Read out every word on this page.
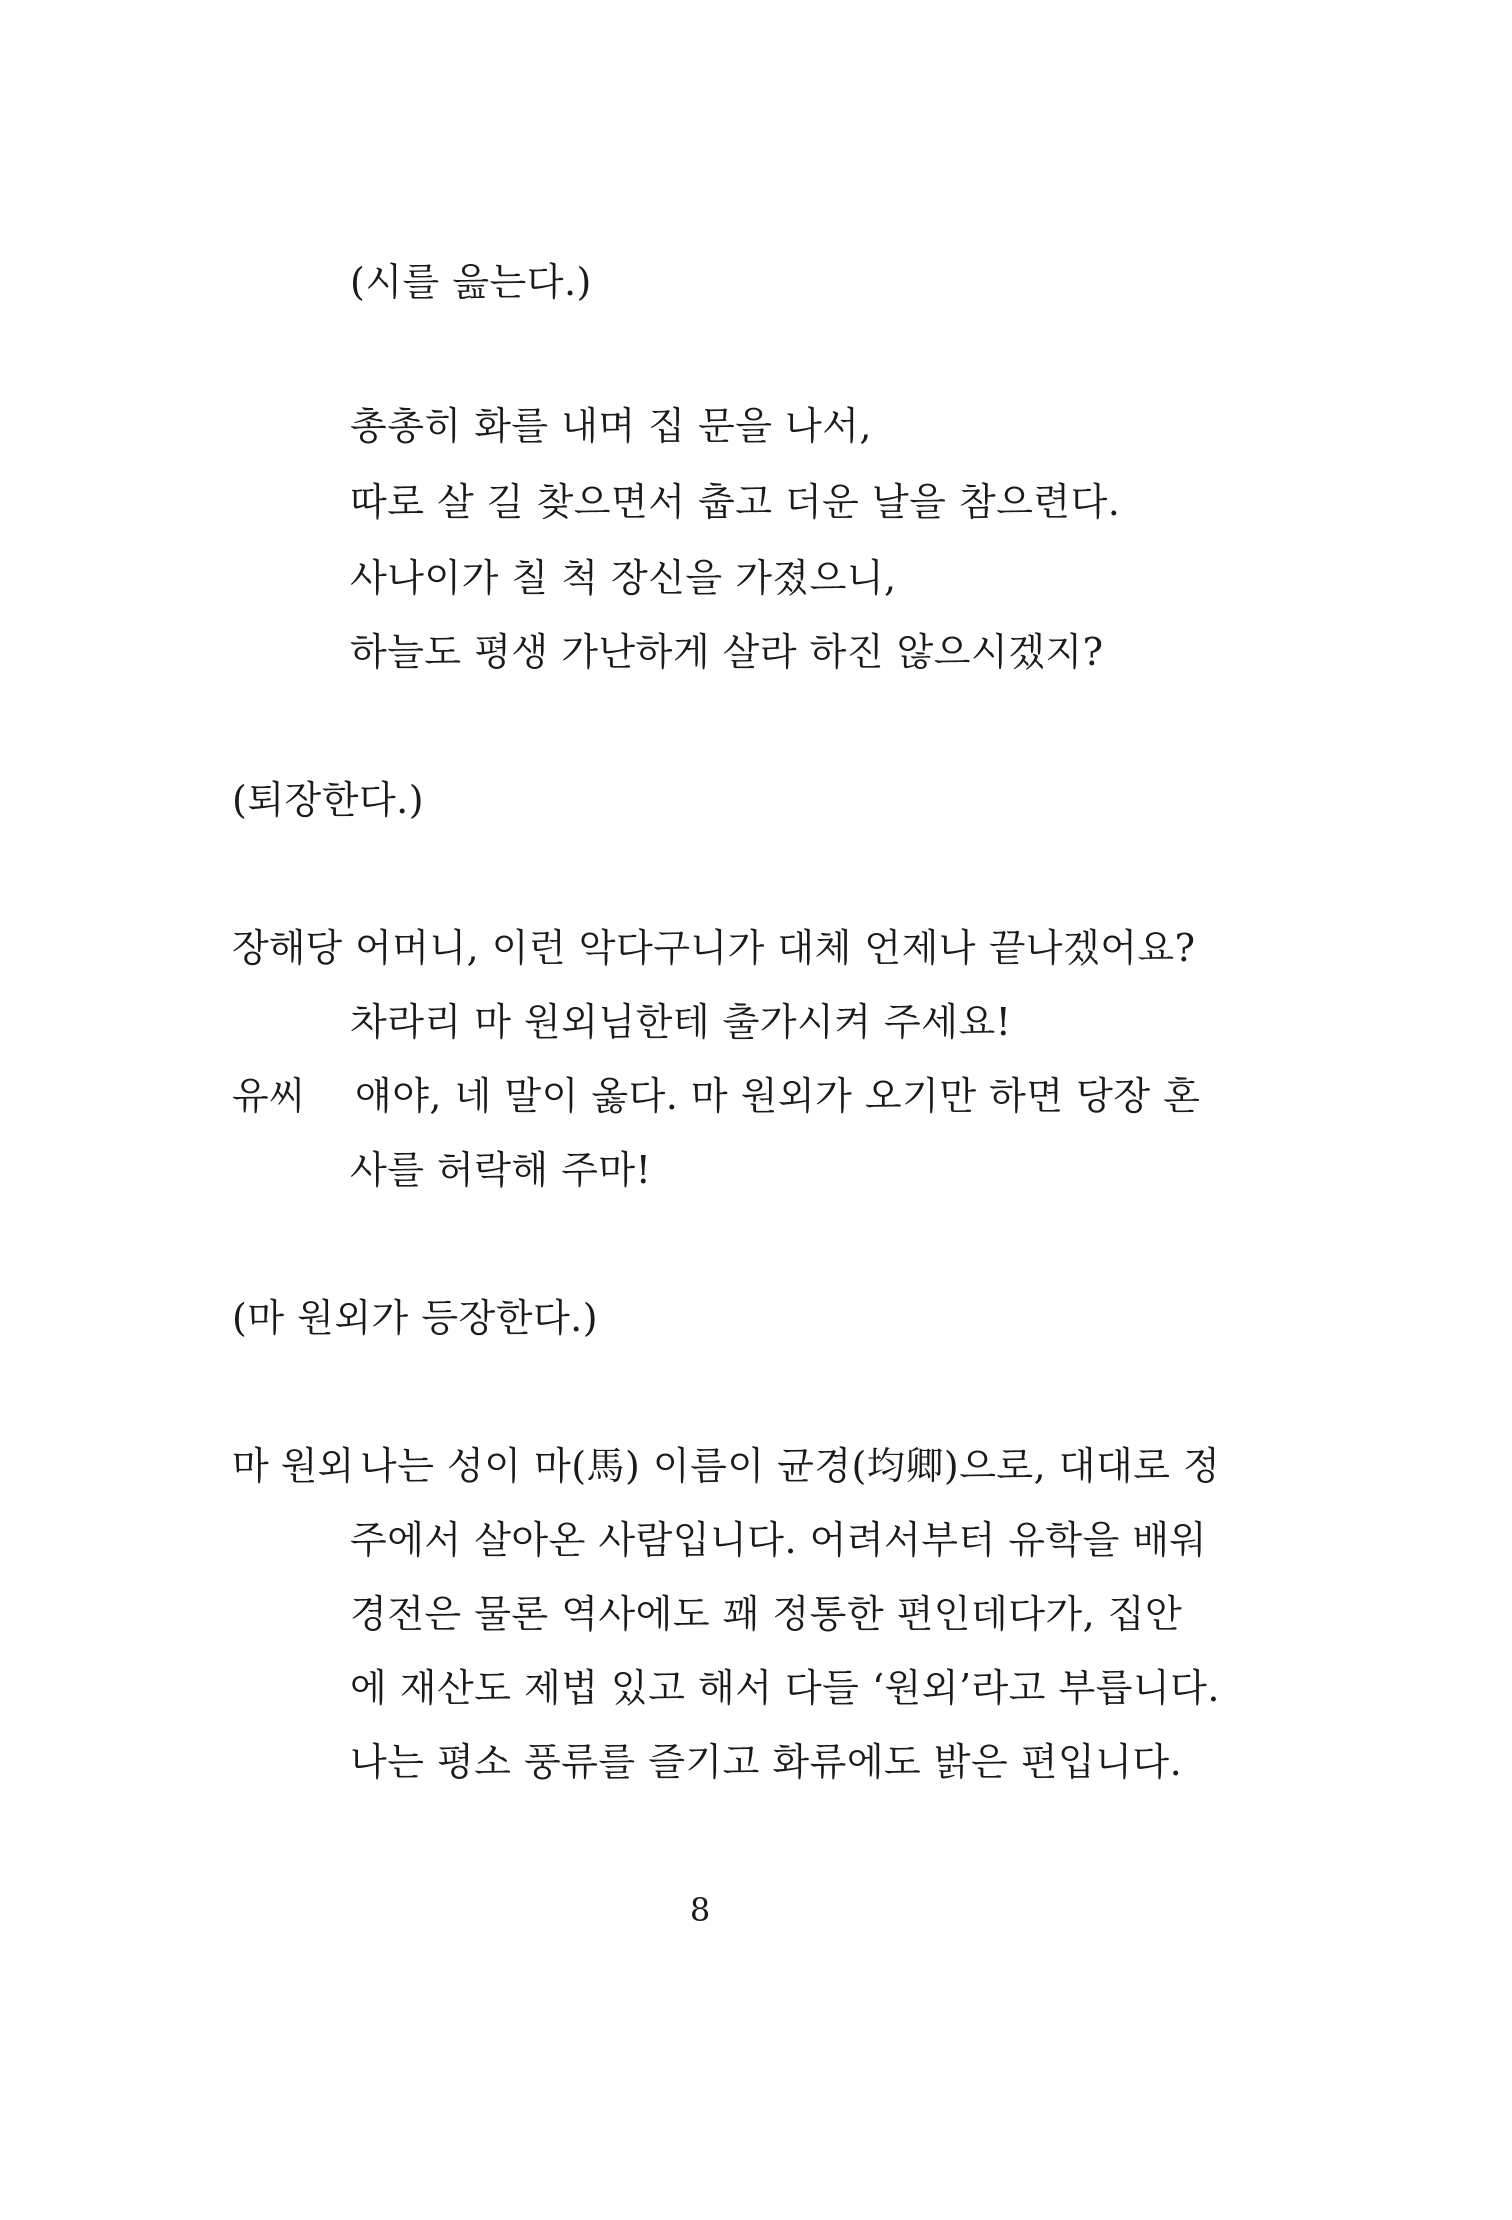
(시를 읊는다.)
총총히 화를 내며 집 문을 나서,
따로 살 길 찾으면서 춥고 더운 날을 참으련다.
사나이가 칠 척 장신을 가졌으니,
하늘도 평생 가난하게 살라 하진 않으시겠지?
(퇴장한다.)
장해당 어머니, 이런 악다구니가 대체 언제나 끝나겠어요?
차라리 마 원외님한테 출가시켜 주세요!
유씨 얘야, 네 말이 옳다. 마 원외가 오기만 하면 당장 혼
사를 허락해 주마!
(마 원외가 등장한다.)
마 원외 나는 성이 마(馬) 이름이 균경(均卿)으로, 대대로 정
주에서 살아온 사람입니다. 어려서부터 유학을 배워
경전은 물론 역사에도 꽤 정통한 편인데다가, 집안
에 재산도 제법 있고 해서 다들 ‘원외’라고 부릅니다.
나는 평소 풍류를 즐기고 화류에도 밝은 편입니다.
8
